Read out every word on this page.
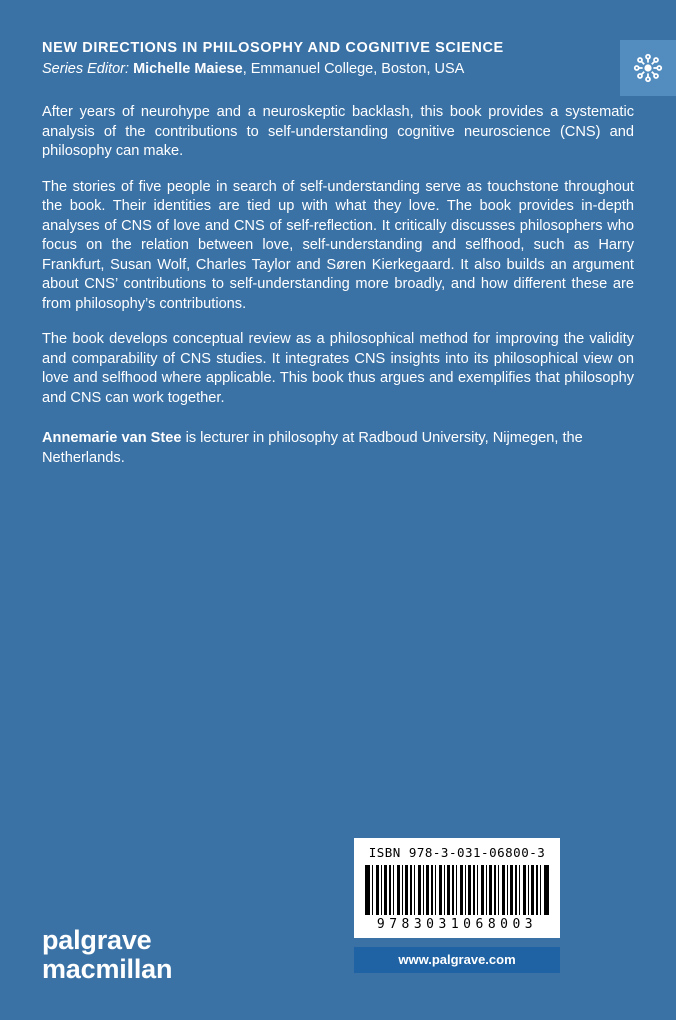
NEW DIRECTIONS IN PHILOSOPHY AND COGNITIVE SCIENCE
Series Editor: Michelle Maiese, Emmanuel College, Boston, USA

After years of neurohype and a neuroskeptic backlash, this book provides a systematic analysis of the contributions to self-understanding cognitive neuroscience (CNS) and philosophy can make.

The stories of five people in search of self-understanding serve as touchstone throughout the book. Their identities are tied up with what they love. The book provides in-depth analyses of CNS of love and CNS of self-reflection. It critically discusses philosophers who focus on the relation between love, self-understanding and selfhood, such as Harry Frankfurt, Susan Wolf, Charles Taylor and Søren Kierkegaard. It also builds an argument about CNS’ contributions to self-understanding more broadly, and how different these are from philosophy’s contributions.

The book develops conceptual review as a philosophical method for improving the validity and comparability of CNS studies. It integrates CNS insights into its philosophical view on love and selfhood where applicable. This book thus argues and exemplifies that philosophy and CNS can work together.

Annemarie van Stee is lecturer in philosophy at Radboud University, Nijmegen, the Netherlands.

palgrave
macmillan
ISBN 978-3-031-06800-3
9783031068003
www.palgrave.com
